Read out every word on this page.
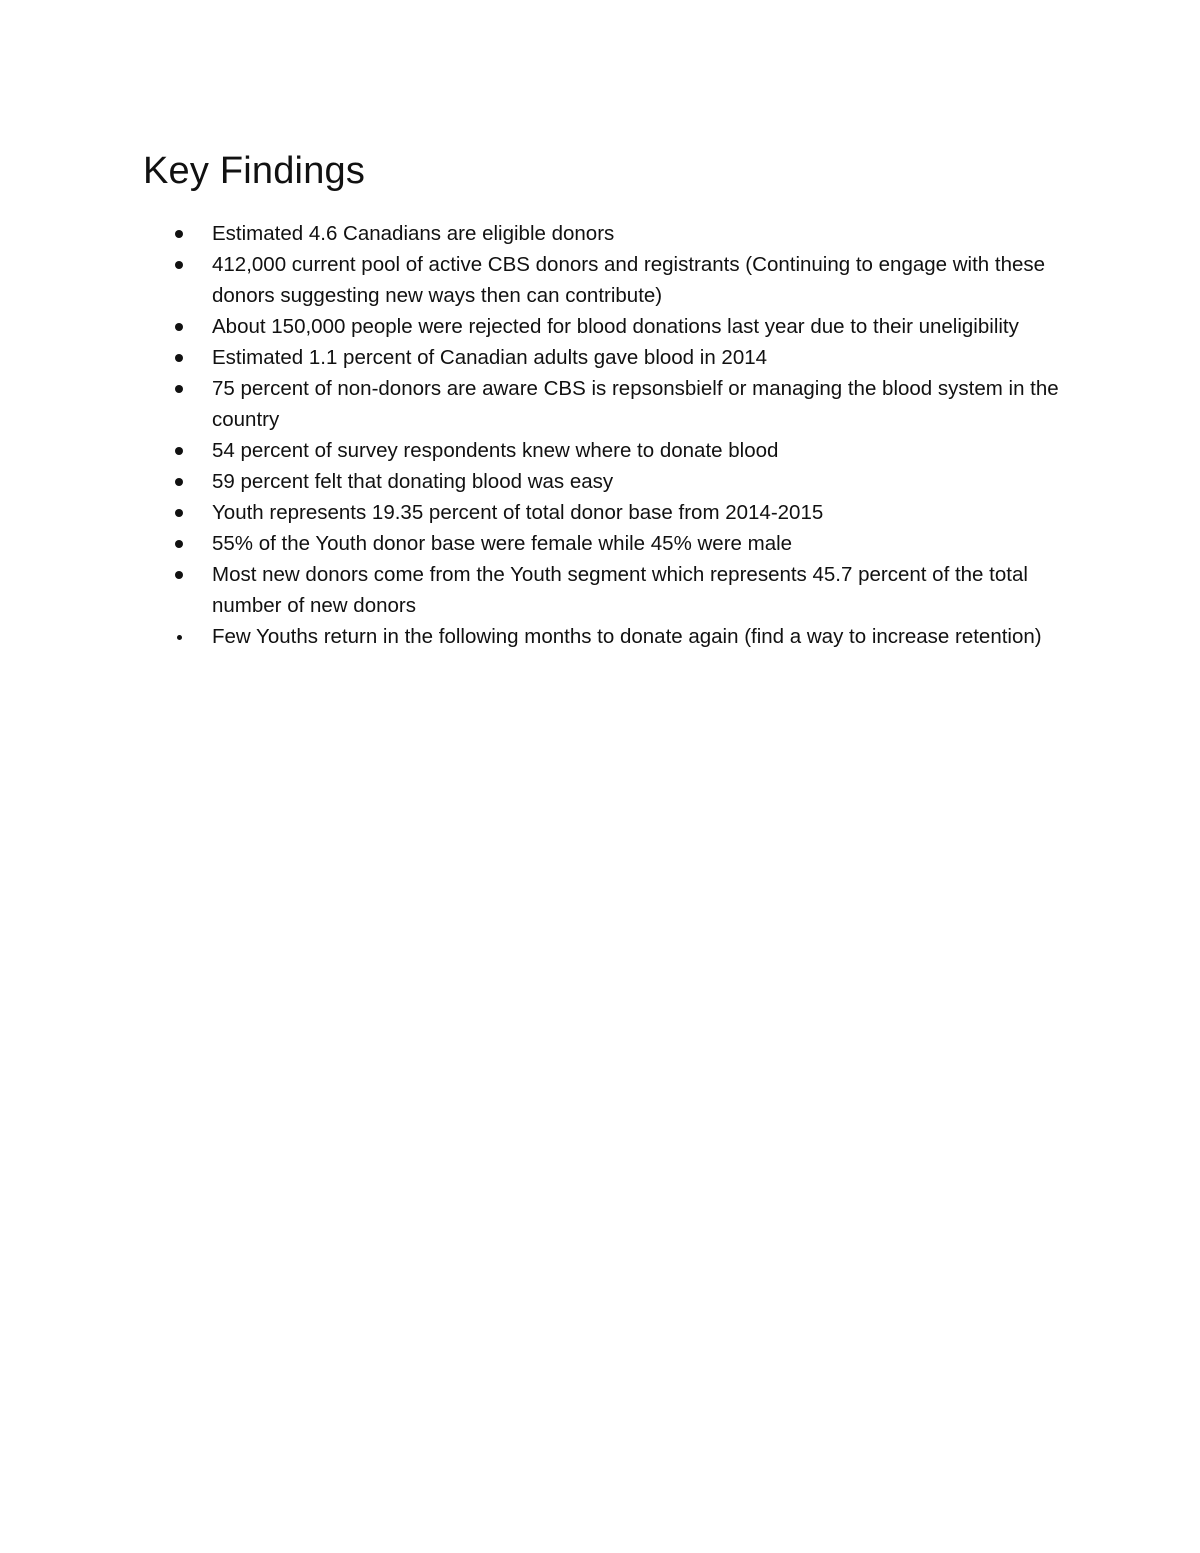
Key Findings
Estimated 4.6 Canadians are eligible donors
412,000 current pool of active CBS donors and registrants (Continuing to engage with these donors suggesting new ways then can contribute)
About 150,000 people were rejected for blood donations last year due to their uneligibility
Estimated 1.1 percent of Canadian adults gave blood in 2014
75 percent of non-donors are aware CBS is repsonsbielf or managing the blood system in the country
54 percent of survey respondents knew where to donate blood
59 percent felt that donating blood was easy
Youth represents 19.35 percent of total donor base from 2014-2015
55% of the Youth donor base were female while 45% were male
Most new donors come from the Youth segment which represents 45.7 percent of the total number of new donors
Few Youths return in the following months to donate again (find a way to increase retention)
